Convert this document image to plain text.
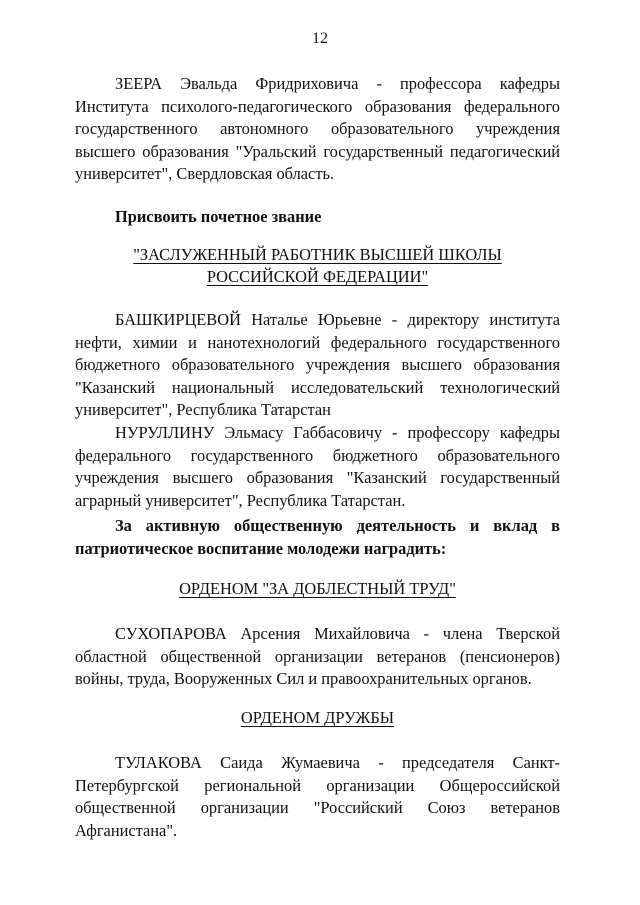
12

ЗЕЕРА Эвальда Фридриховича - профессора кафедры Института психолого-педагогического образования федерального государственного автономного образовательного учреждения высшего образования "Уральский государственный педагогический университет", Свердловская область.

Присвоить почетное звание

"ЗАСЛУЖЕННЫЙ РАБОТНИК ВЫСШЕЙ ШКОЛЫ
РОССИЙСКОЙ ФЕДЕРАЦИИ"

БАШКИРЦЕВОЙ Наталье Юрьевне - директору института нефти, химии и нанотехнологий федерального государственного бюджетного образовательного учреждения высшего образования "Казанский национальный исследовательский технологический университет", Республика Татарстан

НУРУЛЛИНУ Эльмасу Габбасовичу - профессору кафедры федерального государственного бюджетного образовательного учреждения высшего образования "Казанский государственный аграрный университет", Республика Татарстан.

За активную общественную деятельность и вклад в патриотическое воспитание молодежи наградить:

ОРДЕНОМ "ЗА ДОБЛЕСТНЫЙ ТРУД"

СУХОПАРОВА Арсения Михайловича - члена Тверской областной общественной организации ветеранов (пенсионеров) войны, труда, Вооруженных Сил и правоохранительных органов.

ОРДЕНОМ ДРУЖБЫ

ТУЛАКОВА Саида Жумаевича - председателя Санкт-Петербургской региональной организации Общероссийской общественной организации "Российский Союз ветеранов Афганистана".
